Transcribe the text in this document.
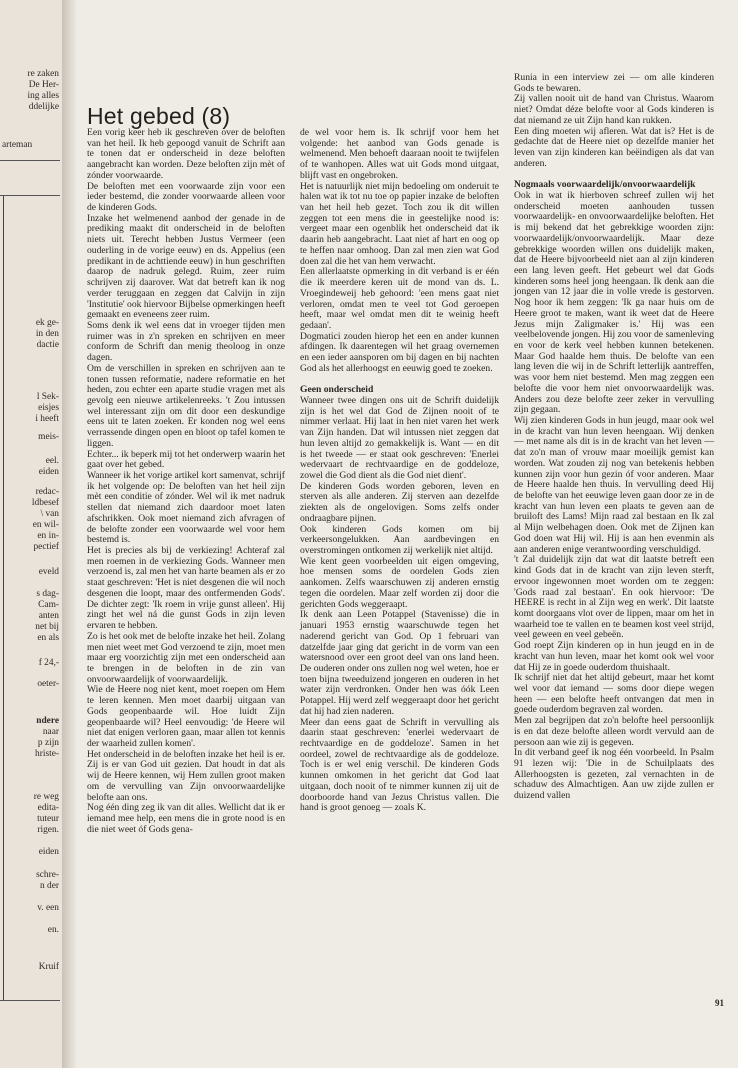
re zaken
De Her-
ing alles
ddelijke
arteman
ek ge-
in den
dactie
l Sek-
eisjes
i heeft
meis-
eel.
eiden
redac-
ldbesef
\ van
en wil-
en in-
pectief
eveld
s dag-
Cam-
anten
net bij
en als
f 24,-
oeter-
ndere
naar
p zijn
hriste-
re weg
edita-
tuteur
rigen.
eiden
schre-
n der
v. een
en.
Kruif
Het gebed (8)

Een vorig keer heb ik geschreven over de beloften van het heil. Ik heb gepoogd vanuit de Schrift aan te tonen dat er onderscheid in deze beloften aangebracht kan worden. Deze beloften zijn mèt of zónder voorwaarde.

De beloften met een voorwaarde zijn voor een ieder bestemd, die zonder voorwaarde alleen voor de kinderen Gods.

Inzake het welmenend aanbod der genade in de prediking maakt dit onderscheid in de beloften niets uit. Terecht hebben Justus Vermeer (een ouderling in de vorige eeuw) en ds. Appelius (een predikant in de achttiende eeuw) in hun geschriften daarop de nadruk gelegd. Ruim, zeer ruim schrijven zij daarover. Wat dat betreft kan ik nog verder teruggaan en zeggen dat Calvijn in zijn 'Institutie' ook hiervoor Bijbelse opmerkingen heeft gemaakt en eveneens zeer ruim.

Soms denk ik wel eens dat in vroeger tijden men ruimer was in z'n spreken en schrijven en meer conform de Schrift dan menig theoloog in onze dagen.

Om de verschillen in spreken en schrijven aan te tonen tussen reformatie, nadere reformatie en het heden, zou echter een aparte studie vragen met als gevolg een nieuwe artikelenreeks. 't Zou intussen wel interessant zijn om dit door een deskundige eens uit te laten zoeken. Er konden nog wel eens verrassende dingen open en bloot op tafel komen te liggen.

Echter... ik beperk mij tot het onderwerp waarin het gaat over het gebed.

Wanneer ik het vorige artikel kort samenvat, schrijf ik het volgende op: De beloften van het heil zijn mèt een conditie of zónder. Wel wil ik met nadruk stellen dat niemand zich daardoor moet laten afschrikken. Ook moet niemand zich afvragen of de belofte zonder een voorwaarde wel voor hem bestemd is.

Het is precies als bij de verkiezing! Achteraf zal men roemen in de verkiezing Gods. Wanneer men verzoend is, zal men het van harte beamen als er zo staat geschreven: 'Het is niet desgenen die wil noch desgenen die loopt, maar des ontfermenden Gods'. De dichter zegt: 'Ik roem in vrije gunst alleen'. Hij zingt het wel ná die gunst Gods in zijn leven ervaren te hebben.

Zo is het ook met de belofte inzake het heil. Zolang men niet weet met God verzoend te zijn, moet men maar erg voorzichtig zijn met een onderscheid aan te brengen in de beloften in de zin van onvoorwaardelijk of voorwaardelijk.

Wie de Heere nog niet kent, moet roepen om Hem te leren kennen. Men moet daarbij uitgaan van Gods geopenbaarde wil. Hoe luidt Zijn geopenbaarde wil? Heel eenvoudig: 'de Heere wil niet dat enigen verloren gaan, maar allen tot kennis der waarheid zullen komen'.

Het onderscheid in de beloften inzake het heil is er. Zij is er van God uit gezien. Dat houdt in dat als wij de Heere kennen, wij Hem zullen groot maken om de vervulling van Zijn onvoorwaardelijke belofte aan ons.

Nog één ding zeg ik van dit alles. Wellicht dat ik er iemand mee help, een mens die in grote nood is en die niet weet óf Gods gena-

de wel voor hem is. Ik schrijf voor hem het volgende: het aanbod van Gods genade is welmenend. Men behoeft daaraan nooit te twijfelen of te wanhopen. Alles wat uit Gods mond uitgaat, blijft vast en ongebroken.

Het is natuurlijk niet mijn bedoeling om onderuit te halen wat ik tot nu toe op papier inzake de beloften van het heil heb gezet. Toch zou ik dit willen zeggen tot een mens die in geestelijke nood is: vergeet maar een ogenblik het onderscheid dat ik daarin heb aangebracht. Laat niet af hart en oog op te heffen naar omhoog. Dan zal men zien wat God doen zal die het van hem verwacht.

Een allerlaatste opmerking in dit verband is er één die ik meerdere keren uit de mond van ds. L. Vroegindeweij heb gehoord: 'een mens gaat niet verloren, omdat men te veel tot God geroepen heeft, maar wel omdat men dit te weinig heeft gedaan'.

Dogmatici zouden hierop het een en ander kunnen afdingen. Ik daarentegen wil het graag overnemen en een ieder aansporen om bij dagen en bij nachten God als het allerhoogst en eeuwig goed te zoeken.

Geen onderscheid

Wanneer twee dingen ons uit de Schrift duidelijk zijn is het wel dat God de Zijnen nooit of te nimmer verlaat. Hij laat in hen niet varen het werk van Zijn handen. Dat wil intussen niet zeggen dat hun leven altijd zo gemakkelijk is. Want — en dit is het tweede — er staat ook geschreven: 'Enerlei wedervaart de rechtvaardige en de goddeloze, zowel die God dient als die God niet dient'.

De kinderen Gods worden geboren, leven en sterven als alle anderen. Zij sterven aan dezelfde ziekten als de ongelovigen. Soms zelfs onder ondraagbare pijnen.

Ook kinderen Gods komen om bij verkeersongelukken. Aan aardbevingen en overstromingen ontkomen zij werkelijk niet altijd.

Wie kent geen voorbeelden uit eigen omgeving, hoe mensen soms de oordelen Gods zien aankomen. Zelfs waarschuwen zij anderen ernstig tegen die oordelen. Maar zelf worden zij door die gerichten Gods weggeraapt.

Ik denk aan Leen Potappel (Stavenisse) die in januari 1953 ernstig waarschuwde tegen het naderend gericht van God. Op 1 februari van datzelfde jaar ging dat gericht in de vorm van een watersnood over een groot deel van ons land heen. De ouderen onder ons zullen nog wel weten, hoe er toen bijna tweeduizend jongeren en ouderen in het water zijn verdronken. Onder hen was óók Leen Potappel. Hij werd zelf weggeraapt door het gericht dat hij had zien naderen.

Meer dan eens gaat de Schrift in vervulling als daarin staat geschreven: 'enerlei wedervaart de rechtvaardige en de goddeloze'. Samen in het oordeel, zowel de rechtvaardige als de goddeloze. Toch is er wel enig verschil. De kinderen Gods kunnen omkomen in het gericht dat God laat uitgaan, doch nooit of te nimmer kunnen zij uit de doorboorde hand van Jezus Christus vallen. Die hand is groot genoeg — zoals K.

Runia in een interview zei — om alle kinderen Gods te bewaren.

Zij vallen nooit uit de hand van Christus. Waarom niet? Omdat déze belofte voor al Gods kinderen is dat niemand ze uit Zijn hand kan rukken.

Een ding moeten wij afleren. Wat dat is? Het is de gedachte dat de Heere niet op dezelfde manier het leven van zijn kinderen kan beëindigen als dat van anderen.

Nogmaals voorwaardelijk/onvoorwaardelijk

Ook in wat ik hierboven schreef zullen wij het onderscheid moeten aanhouden tussen voorwaardelijk- en onvoorwaardelijke beloften. Het is mij bekend dat het gebrekkige woorden zijn: voorwaardelijk/onvoorwaardelijk. Maar deze gebrekkige woorden willen ons duidelijk maken, dat de Heere bijvoorbeeld niet aan al zijn kinderen een lang leven geeft. Het gebeurt wel dat Gods kinderen soms heel jong heengaan. Ik denk aan die jongen van 12 jaar die in volle vrede is gestorven. Nog hoor ik hem zeggen: 'Ik ga naar huis om de Heere groot te maken, want ik weet dat de Heere Jezus mijn Zaligmaker is.' Hij was een veelbelovende jongen. Hij zou voor de samenleving en voor de kerk veel hebben kunnen betekenen. Maar God haalde hem thuis. De belofte van een lang leven die wij in de Schrift letterlijk aantreffen, was voor hem niet bestemd. Men mag zeggen een belofte die voor hem niet onvoorwaardelijk was. Anders zou deze belofte zeer zeker in vervulling zijn gegaan.

Wij zien kinderen Gods in hun jeugd, maar ook wel in de kracht van hun leven heengaan. Wij denken — met name als dit is in de kracht van het leven — dat zo'n man of vrouw maar moeilijk gemist kan worden. Wat zouden zij nog van betekenis hebben kunnen zijn voor hun gezin óf voor anderen. Maar de Heere haalde hen thuis. In vervulling deed Hij de belofte van het eeuwige leven gaan door ze in de kracht van hun leven een plaats te geven aan de bruiloft des Lams! Mijn raad zal bestaan en Ik zal al Mijn welbehagen doen. Ook met de Zijnen kan God doen wat Hij wil. Hij is aan hen evenmin als aan anderen enige verantwoording verschuldigd.

't Zal duidelijk zijn dat wat dit laatste betreft een kind Gods dat in de kracht van zijn leven sterft, ervoor ingewonnen moet worden om te zeggen: 'Gods raad zal bestaan'. En ook hiervoor: 'De HEERE is recht in al Zijn weg en werk'. Dit laatste komt doorgaans vlot over de lippen, maar om het in waarheid toe te vallen en te beamen kost veel strijd, veel geween en veel gebeën.

God roept Zijn kinderen op in hun jeugd en in de kracht van hun leven, maar het komt ook wel voor dat Hij ze in goede ouderdom thuishaalt.

Ik schrijf niet dat het altijd gebeurt, maar het komt wel voor dat iemand — soms door diepe wegen heen — een belofte heeft ontvangen dat men in goede ouderdom begraven zal worden.

Men zal begrijpen dat zo'n belofte heel persoonlijk is en dat deze belofte alleen wordt vervuld aan de persoon aan wie zij is gegeven.

In dit verband geef ik nog één voorbeeld. In Psalm 91 lezen wij: 'Die in de Schuilplaats des Allerhoogsten is gezeten, zal vernachten in de schaduw des Almachtigen. Aan uw zijde zullen er duizend vallen

91
